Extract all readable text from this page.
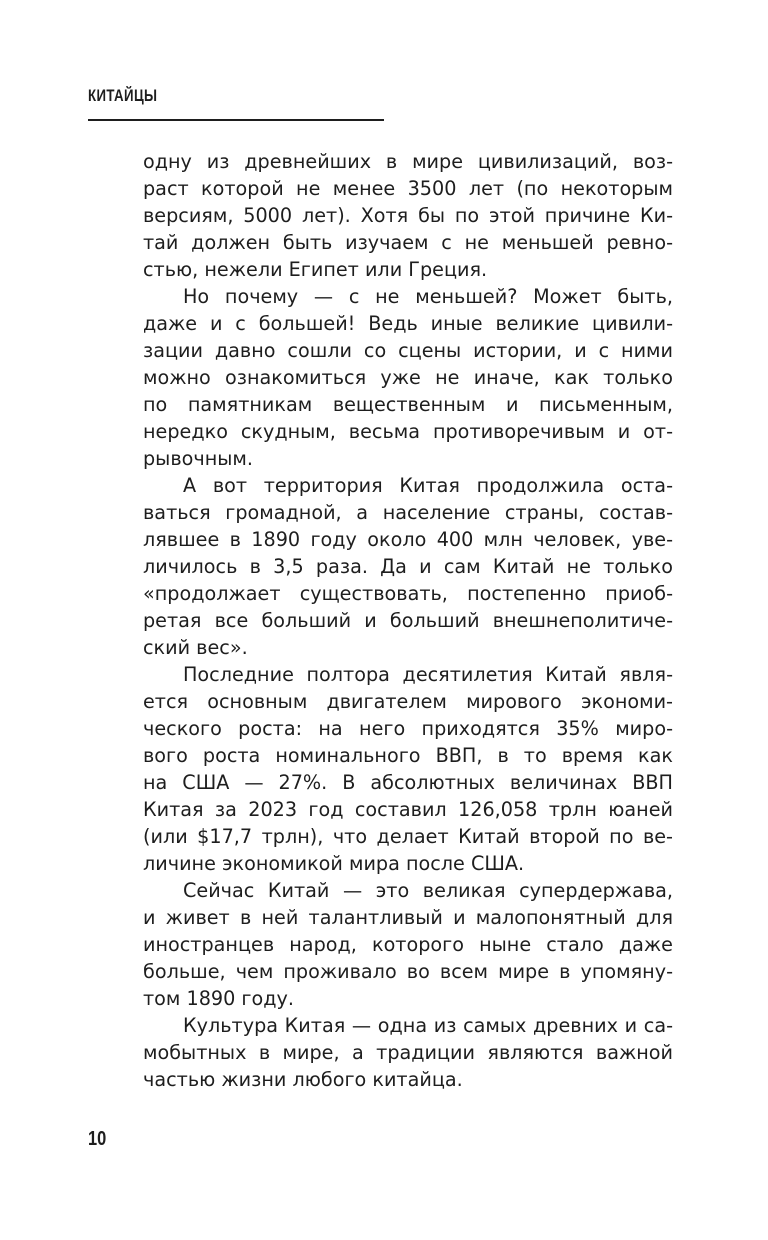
КИТАЙЦЫ

одну из древнейших в мире цивилизаций, воз-
раст которой не менее 3500 лет (по некоторым
версиям, 5000 лет). Хотя бы по этой причине Ки-
тай должен быть изучаем с не меньшей ревно-
стью, нежели Египет или Греция.

Но почему — с не меньшей? Может быть,
даже и с большей! Ведь иные великие цивили-
зации давно сошли со сцены истории, и с ними
можно ознакомиться уже не иначе, как только
по памятникам вещественным и письменным,
нередко скудным, весьма противоречивым и от-
рывочным.

А вот территория Китая продолжила оста-
ваться громадной, а население страны, состав-
лявшее в 1890 году около 400 млн человек, уве-
личилось в 3,5 раза. Да и сам Китай не только
«продолжает существовать, постепенно приоб-
ретая все больший и больший внешнеполитиче-
ский вес».

Последние полтора десятилетия Китай явля-
ется основным двигателем мирового экономи-
ческого роста: на него приходятся 35% миро-
вого роста номинального ВВП, в то время как
на США — 27%. В абсолютных величинах ВВП
Китая за 2023 год составил 126,058 трлн юаней
(или $17,7 трлн), что делает Китай второй по ве-
личине экономикой мира после США.

Сейчас Китай — это великая супердержава,
и живет в ней талантливый и малопонятный для
иностранцев народ, которого ныне стало даже
больше, чем проживало во всем мире в упомяну-
том 1890 году.

Культура Китая — одна из самых древних и са-
мобытных в мире, а традиции являются важной
частью жизни любого китайца.

10
